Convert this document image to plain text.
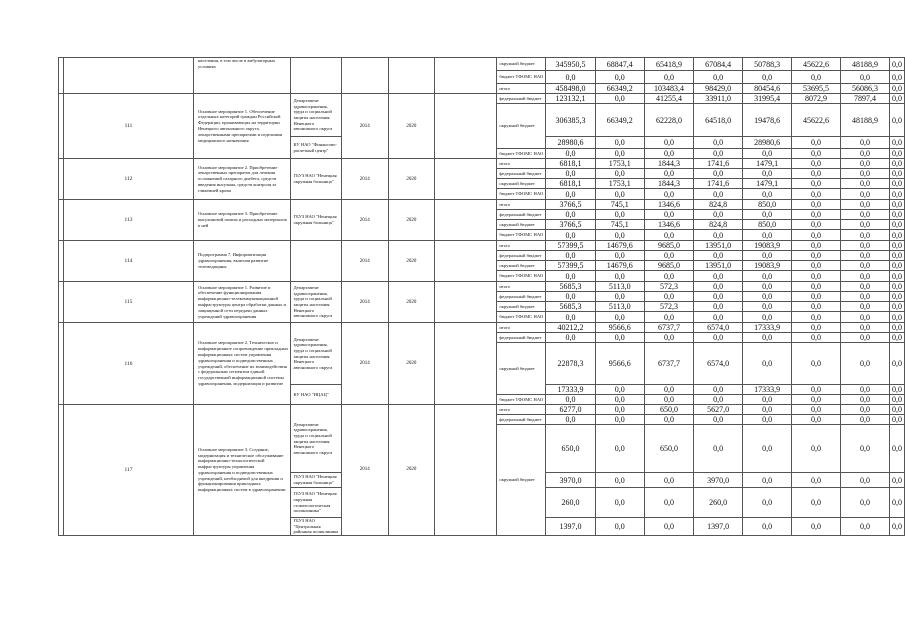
		населения, в том числе в амбулаторных условиях					окружной бюджет	345950,5	68847,4	65418,9	67084,4	50788,3	45622,6	48188,9	0,0
							бюджет ТФОМС НАО	0,0	0,0	0,0	0,0	0,0	0,0	0,0	0,0
							итого	458498,0	66349,2	103483,4	98429,0	80454,6	53695,5	56086,3	0,0
	111	Основное мероприятие 1. Обеспечение отдельных категорий граждан Российской Федерации, проживающих на территории Ненецкого автономного округа, лекарственными препаратами и изделиями медицинского назначения	Департамент здравоохранения, труда и социальной защиты населения Ненецкого автономного округа	2014	2020		федеральный бюджет	123132,1	0,0	41255,4	33911,0	31995,4	8072,9	7897,4	0,0
							окружной бюджет	306385,3	66349,2	62228,0	64518,0	19478,6	45622,6	48188,9	0,0
			КУ НАО "Финансово-расчетный центр"					28980,6	0,0	0,0	0,0	28980,6	0,0	0,0	0,0
							бюджет ТФОМС НАО	0,0	0,0	0,0	0,0	0,0	0,0	0,0	0,0
	112	Основное мероприятие 2. Приобретение лекарственных препаратов для лечения осложнений сахарного диабета, средств введения инсулина, средств контроля за гликемией крови	ГБУЗ НАО "Ненецкая окружная больница"	2014	2020		итого	6818,1	1753,1	1844,3	1741,6	1479,1	0,0	0,0	0,0
							федеральный бюджет	0,0	0,0	0,0	0,0	0,0	0,0	0,0	0,0
							окружной бюджет	6818,1	1753,1	1844,3	1741,6	1479,1	0,0	0,0	0,0
							бюджет ТФОМС НАО	0,0	0,0	0,0	0,0	0,0	0,0	0,0	0,0
	113	Основное мероприятие 3. Приобретение инсулиновой помпы и расходных материалов к ней	ГБУЗ НАО "Ненецкая окружная больница"	2014	2020		итого	3766,5	745,1	1346,6	824,8	850,0	0,0	0,0	0,0
							федеральный бюджет	0,0	0,0	0,0	0,0	0,0	0,0	0,0	0,0
							окружной бюджет	3766,5	745,1	1346,6	824,8	850,0	0,0	0,0	0,0
							бюджет ТФОМС НАО	0,0	0,0	0,0	0,0	0,0	0,0	0,0	0,0
	114	Подпрограмма 7. Информатизация здравоохранения, включая развитие телемедицины		2014	2020		итого	57399,5	14679,6	9685,0	13951,0	19083,9	0,0	0,0	0,0
							федеральный бюджет	0,0	0,0	0,0	0,0	0,0	0,0	0,0	0,0
							окружной бюджет	57399,5	14679,6	9685,0	13951,0	19083,9	0,0	0,0	0,0
							бюджет ТФОМС НАО	0,0	0,0	0,0	0,0	0,0	0,0	0,0	0,0
	115	Основное мероприятие 1. Развитие и обеспечение функционирования информационно-телекоммуникационной инфраструктуры центра обработки данных и защищенной сети передачи данных учреждений здравоохранения	Департамент здравоохранения, труда и социальной защиты населения Ненецкого автономного округа	2014	2020		итого	5685,3	5113,0	572,3	0,0	0,0	0,0	0,0	0,0
							федеральный бюджет	0,0	0,0	0,0	0,0	0,0	0,0	0,0	0,0
							окружной бюджет	5685,3	5113,0	572,3	0,0	0,0	0,0	0,0	0,0
							бюджет ТФОМС НАО	0,0	0,0	0,0	0,0	0,0	0,0	0,0	0,0
	116	Основное мероприятие 2. Техническое и информационное сопровождение прикладных информационных систем управления здравоохранения и подведомственных учреждений, обеспечение их взаимодействия с федеральным сегментом единой государственной информационной системы здравоохранения, модернизация и развитие	Департамент здравоохранения, труда и социальной защиты населения Ненецкого автономного округа	2014	2020		итого	40212,2	9566,6	6737,7	6574,0	17333,9	0,0	0,0	0,0
							федеральный бюджет	0,0	0,0	0,0	0,0	0,0	0,0	0,0	0,0
							окружной бюджет	22878,3	9566,6	6737,7	6574,0	0,0	0,0	0,0	0,0
			КУ НАО "ИЦАЦ"					17333,9	0,0	0,0	0,0	17333,9	0,0	0,0	0,0
							бюджет ТФОМС НАО	0,0	0,0	0,0	0,0	0,0	0,0	0,0	0,0
	117	Основное мероприятие 3. Создание, модернизация и техническое обслуживание информационно-технологической инфраструктуры управления здравоохранения и подведомственных учреждений, необходимой для внедрения и функционирования прикладных информационных систем в здравоохранении	Департамент здравоохранения, труда и социальной защиты населения Ненецкого автономного округа	2014	2020		итого	6277,0	0,0	650,0	5627,0	0,0	0,0	0,0	0,0
							федеральный бюджет	0,0	0,0	0,0	0,0	0,0	0,0	0,0	0,0
							окружной бюджет	650,0	0,0	650,0	0,0	0,0	0,0	0,0	0,0
			ГБУЗ НАО "Ненецкая окружная больница"					3970,0	0,0	0,0	3970,0	0,0	0,0	0,0	0,0
			ГБУЗ НАО "Ненецкая окружная стоматологическая поликлиника"					260,0	0,0	0,0	260,0	0,0	0,0	0,0	0,0
			ГБУЗ НАО "Центральная районная поликлиника					1397,0	0,0	0,0	1397,0	0,0	0,0	0,0	0,0
